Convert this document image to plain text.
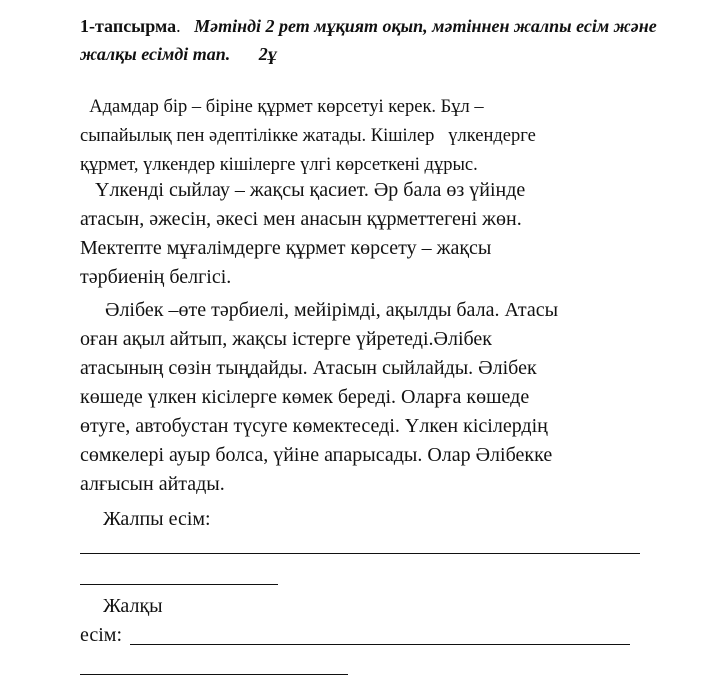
1-тапсырма. Мәтінді 2 рет мұқият оқып, мәтіннен жалпы есім және жалқы есімді тап. 2ұ
Адамдар бір – біріне құрмет көрсетуі керек. Бұл –
сыпайылық пен әдептілікке жатады. Кішілер   үлкендерге
құрмет, үлкендер кішілерге үлгі көрсеткені дұрыс.
Үлкенді сыйлау – жақсы қасиет. Әр бала өз үйінде
атасын, әжесін, әкесі мен анасын құрметтегені жөн.
Мектепте мұғалімдерге құрмет көрсету – жақсы
тәрбиенің белгісі.
Әлібек –өте тәрбиелі, мейірімді, ақылды бала. Атасы
оған ақыл айтып, жақсы істерге үйретеді.Әлібек
атасының сөзін тыңдайды. Атасын сыйлайды. Әлібек
көшеде үлкен кісілерге көмек береді. Оларға көшеде
өтуге, автобустан түсуге көмектеседі. Үлкен кісілердің
сөмкелері ауыр болса, үйіне апарысады. Олар Әлібекке
алғысын айтады.
Жалпы есім:
Жалқы
есім:
